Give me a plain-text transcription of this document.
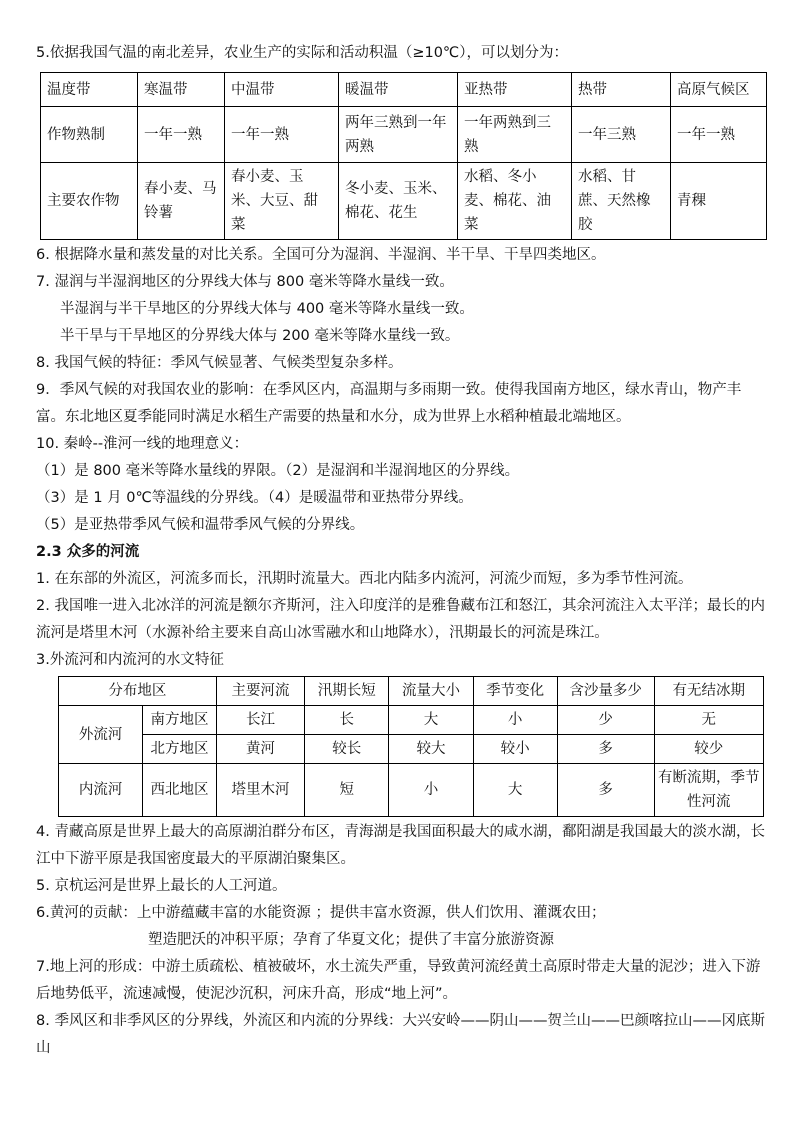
5.依据我国气温的南北差异，农业生产的实际和活动积温（≥10℃），可以划分为：
温度带	寒温带	中温带	暖温带	亚热带	热带	高原气候区
作物熟制	一年一熟	一年一熟	两年三熟到一年两熟	一年两熟到三熟	一年三熟	一年一熟
主要农作物	春小麦、马铃薯	春小麦、玉米、大豆、甜菜	冬小麦、玉米、棉花、花生	水稻、冬小麦、棉花、油菜	水稻、甘蔗、天然橡胶	青稞
6. 根据降水量和蒸发量的对比关系。全国可分为湿润、半湿润、半干旱、干旱四类地区。
7. 湿润与半湿润地区的分界线大体与 800 毫米等降水量线一致。
半湿润与半干旱地区的分界线大体与 400 毫米等降水量线一致。
半干旱与干旱地区的分界线大体与 200 毫米等降水量线一致。
8. 我国气候的特征：季风气候显著、气候类型复杂多样。
9．季风气候的对我国农业的影响：在季风区内，高温期与多雨期一致。使得我国南方地区，绿水青山，物产丰富。东北地区夏季能同时满足水稻生产需要的热量和水分，成为世界上水稻种植最北端地区。
10. 秦岭--淮河一线的地理意义：
（1）是 800 毫米等降水量线的界限。（2）是湿润和半湿润地区的分界线。
（3）是 1 月 0℃等温线的分界线。（4）是暖温带和亚热带分界线。
（5）是亚热带季风气候和温带季风气候的分界线。
2.3 众多的河流
1. 在东部的外流区，河流多而长，汛期时流量大。西北内陆多内流河，河流少而短，多为季节性河流。
2. 我国唯一进入北冰洋的河流是额尔齐斯河，注入印度洋的是雅鲁藏布江和怒江，其余河流注入太平洋；最长的内流河是塔里木河（水源补给主要来自高山冰雪融水和山地降水），汛期最长的河流是珠江。
3.外流河和内流河的水文特征
分布地区		主要河流	汛期长短	流量大小	季节变化	含沙量多少	有无结冰期
外流河	南方地区	长江	长	大	小	少	无
	北方地区	黄河	较长	较大	较小	多	较少
内流河	西北地区	塔里木河	短	小	大	多	有断流期，季节性河流
4. 青藏高原是世界上最大的高原湖泊群分布区，青海湖是我国面积最大的咸水湖，鄱阳湖是我国最大的淡水湖，长江中下游平原是我国密度最大的平原湖泊聚集区。
5. 京杭运河是世界上最长的人工河道。
6.黄河的贡献：上中游蕴藏丰富的水能资源 ；提供丰富水资源，供人们饮用、灌溉农田；
塑造肥沃的冲积平原；孕育了华夏文化；提供了丰富分旅游资源
7.地上河的形成：中游土质疏松、植被破坏，水土流失严重，导致黄河流经黄土高原时带走大量的泥沙；进入下游后地势低平，流速减慢，使泥沙沉积，河床升高，形成“地上河”。
8. 季风区和非季风区的分界线，外流区和内流的分界线：大兴安岭——阴山——贺兰山——巴颜喀拉山——冈底斯山
